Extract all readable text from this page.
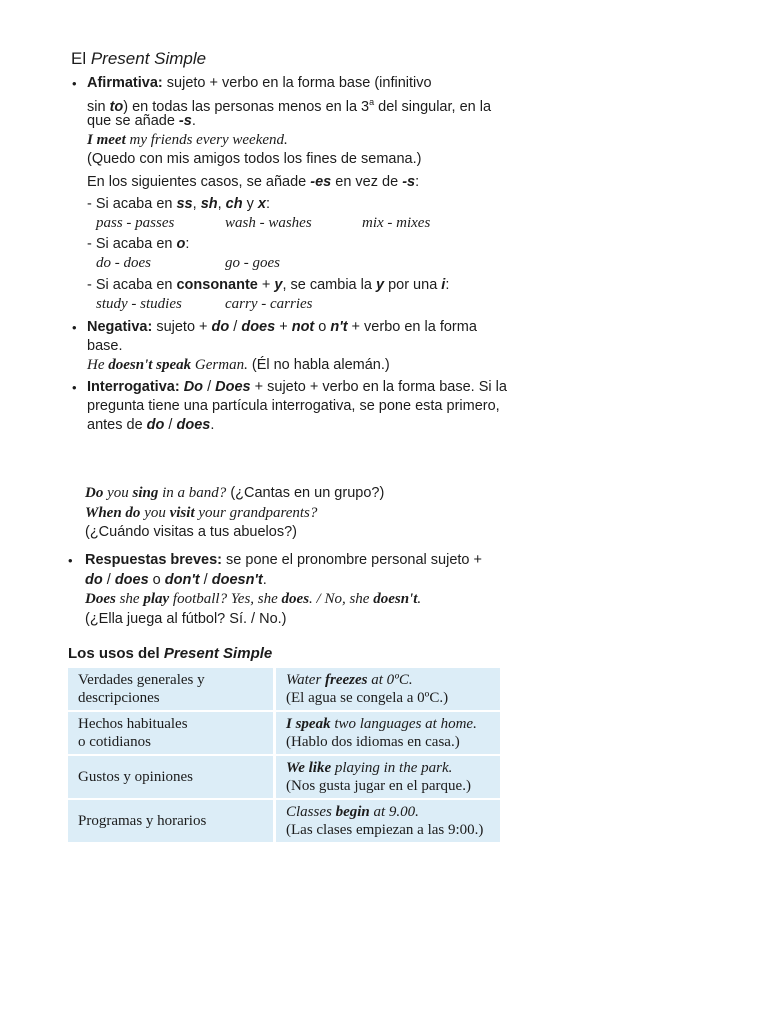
El Present Simple
• Afirmativa: sujeto + verbo en la forma base (infinitivo
sin to) en todas las personas menos en la 3$^a$ del singular, en la
que se añade -s.
I meet my friends every weekend.
(Quedo con mis amigos todos los fines de semana.)
En los siguientes casos, se añade -es en vez de -s:
- Si acaba en ss, sh, ch y x:
pass - passes	wash - washes	mix - mixes
- Si acaba en o:
do - does	go - goes
- Si acaba en consonante + y, se cambia la y por una i:
study - studies	carry - carries
• Negativa: sujeto + do / does + not o n't + verbo en la forma
base.
He doesn't speak German. (Él no habla alemán.)
• Interrogativa: Do / Does + sujeto + verbo en la forma base. Si la
pregunta tiene una partícula interrogativa, se pone esta primero,
antes de do / does.
Do you sing in a band? (¿Cantas en un grupo?)
When do you visit your grandparents?
(¿Cuándo visitas a tus abuelos?)
• Respuestas breves: se pone el pronombre personal sujeto +
do / does o don't / doesn't.
Does she play football? Yes, she does. / No, she doesn't.
(¿Ella juega al fútbol? Sí. / No.)
Los usos del Present Simple
Verdades generales y
descripciones	Water freezes at 0ºC.
(El agua se congela a 0ºC.)
Hechos habituales
o cotidianos	I speak two languages at home.
(Hablo dos idiomas en casa.)
Gustos y opiniones	We like playing in the park.
(Nos gusta jugar en el parque.)
Programas y horarios	Classes begin at 9.00.
(Las clases empiezan a las 9:00.)
